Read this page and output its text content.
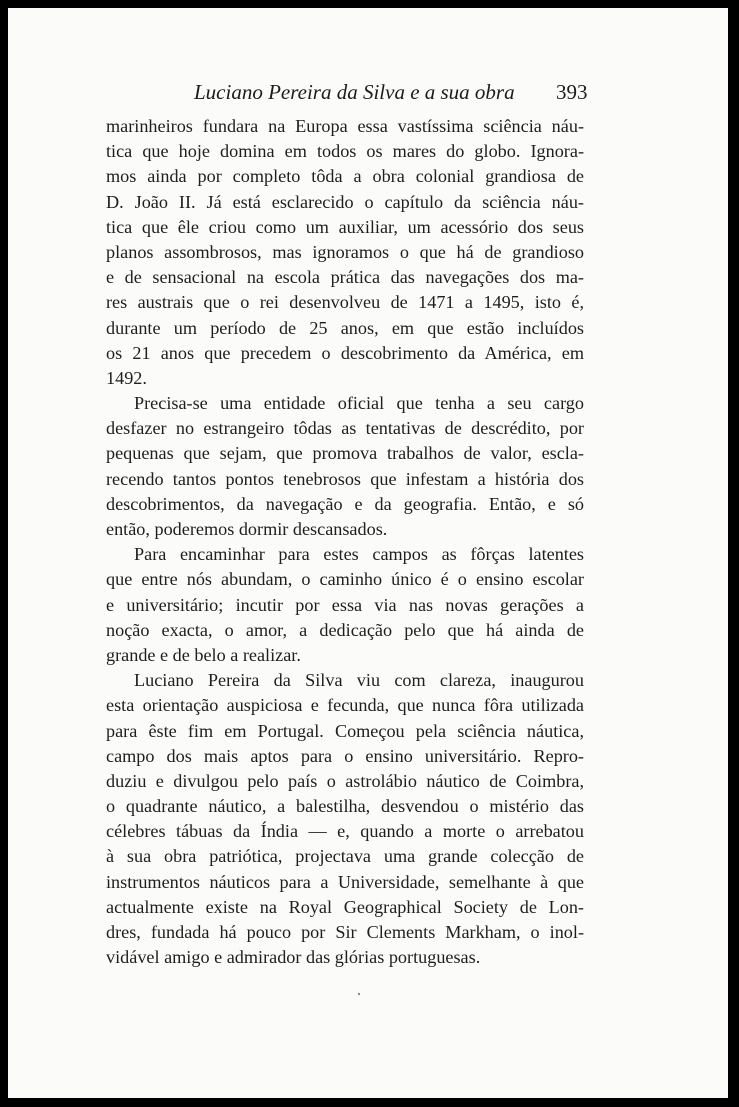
Luciano Pereira da Silva e a sua obra 393
marinheiros fundara na Europa essa vastíssima sciência náu-
tica que hoje domina em todos os mares do globo. Ignora-
mos ainda por completo tôda a obra colonial grandiosa de
D. João II. Já está esclarecido o capítulo da sciência náu-
tica que êle criou como um auxiliar, um acessório dos seus
planos assombrosos, mas ignoramos o que há de grandioso
e de sensacional na escola prática das navegações dos ma-
res austrais que o rei desenvolveu de 1471 a 1495, isto é,
durante um período de 25 anos, em que estão incluídos
os 21 anos que precedem o descobrimento da América, em
1492.
Precisa-se uma entidade oficial que tenha a seu cargo
desfazer no estrangeiro tôdas as tentativas de descrédito, por
pequenas que sejam, que promova trabalhos de valor, escla-
recendo tantos pontos tenebrosos que infestam a história dos
descobrimentos, da navegação e da geografia. Então, e só
então, poderemos dormir descansados.
Para encaminhar para estes campos as fôrças latentes
que entre nós abundam, o caminho único é o ensino escolar
e universitário; incutir por essa via nas novas gerações a
noção exacta, o amor, a dedicação pelo que há ainda de
grande e de belo a realizar.
Luciano Pereira da Silva viu com clareza, inaugurou
esta orientação auspiciosa e fecunda, que nunca fôra utilizada
para êste fim em Portugal. Começou pela sciência náutica,
campo dos mais aptos para o ensino universitário. Repro-
duziu e divulgou pelo país o astrolábio náutico de Coimbra,
o quadrante náutico, a balestilha, desvendou o mistério das
célebres tábuas da Índia — e, quando a morte o arrebatou
à sua obra patriótica, projectava uma grande colecção de
instrumentos náuticos para a Universidade, semelhante à que
actualmente existe na Royal Geographical Society de Lon-
dres, fundada há pouco por Sir Clements Markham, o inol-
vidável amigo e admirador das glórias portuguesas.
